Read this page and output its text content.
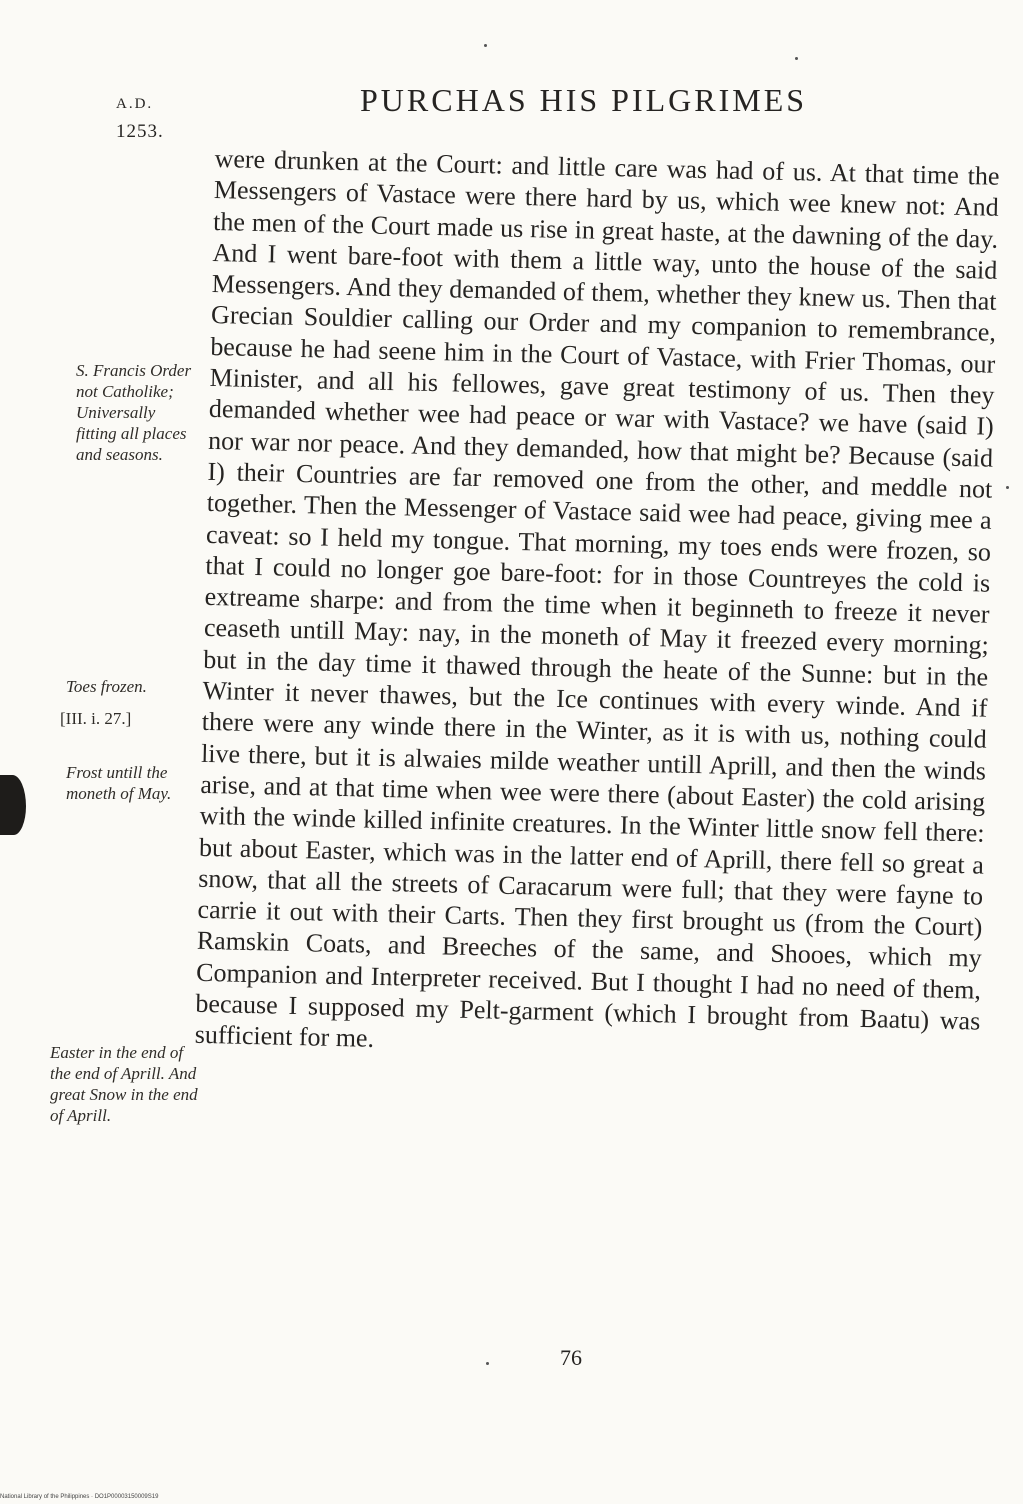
A.D.
1253.
PURCHAS HIS PILGRIMES

were drunken at the Court: and little care was had of us. At that time the Messengers of Vastace were there hard by us, which wee knew not: And the men of the Court made us rise in great haste, at the dawning of the day. And I went bare-foot with them a little way, unto the house of the said Messengers. And they demanded of them, whether they knew us. Then that Grecian Souldier calling our Order and my companion to remembrance, because he had seene him in the Court of Vastace, with Frier Thomas, our Minister, and all his fellowes, gave great testimony of us. Then they demanded whether wee had peace or war with Vastace? we have (said I) nor war nor peace. And they demanded, how that might be? Because (said I) their Countries are far removed one from the other, and meddle not together. Then the Messenger of Vastace said wee had peace, giving mee a caveat: so I held my tongue. That morning, my toes ends were frozen, so that I could no longer goe bare-foot: for in those Countreyes the cold is extreame sharpe: and from the time when it beginneth to freeze it never ceaseth untill May: nay, in the moneth of May it freezed every morning; but in the day time it thawed through the heate of the Sunne: but in the Winter it never thawes, but the Ice continues with every winde. And if there were any winde there in the Winter, as it is with us, nothing could live there, but it is alwaies milde weather untill Aprill, and then the winds arise, and at that time when wee were there (about Easter) the cold arising with the winde killed infinite creatures. In the Winter little snow fell there: but about Easter, which was in the latter end of Aprill, there fell so great a snow, that all the streets of Caracarum were full; that they were fayne to carrie it out with their Carts. Then they first brought us (from the Court) Ramskin Coats, and Breeches of the same, and Shooes, which my Companion and Interpreter received. But I thought I had no need of them, because I supposed my Pelt-garment (which I brought from Baatu) was sufficient for me.

S. Francis Order not Catholike; Universally fitting all places and seasons.

Toes frozen.

[III. i. 27.]

Frost untill the moneth of May.

Easter in the end of the end of Aprill. And great Snow in the end of Aprill.

76
National Library of the Philippines · DO1P00003150009S19
